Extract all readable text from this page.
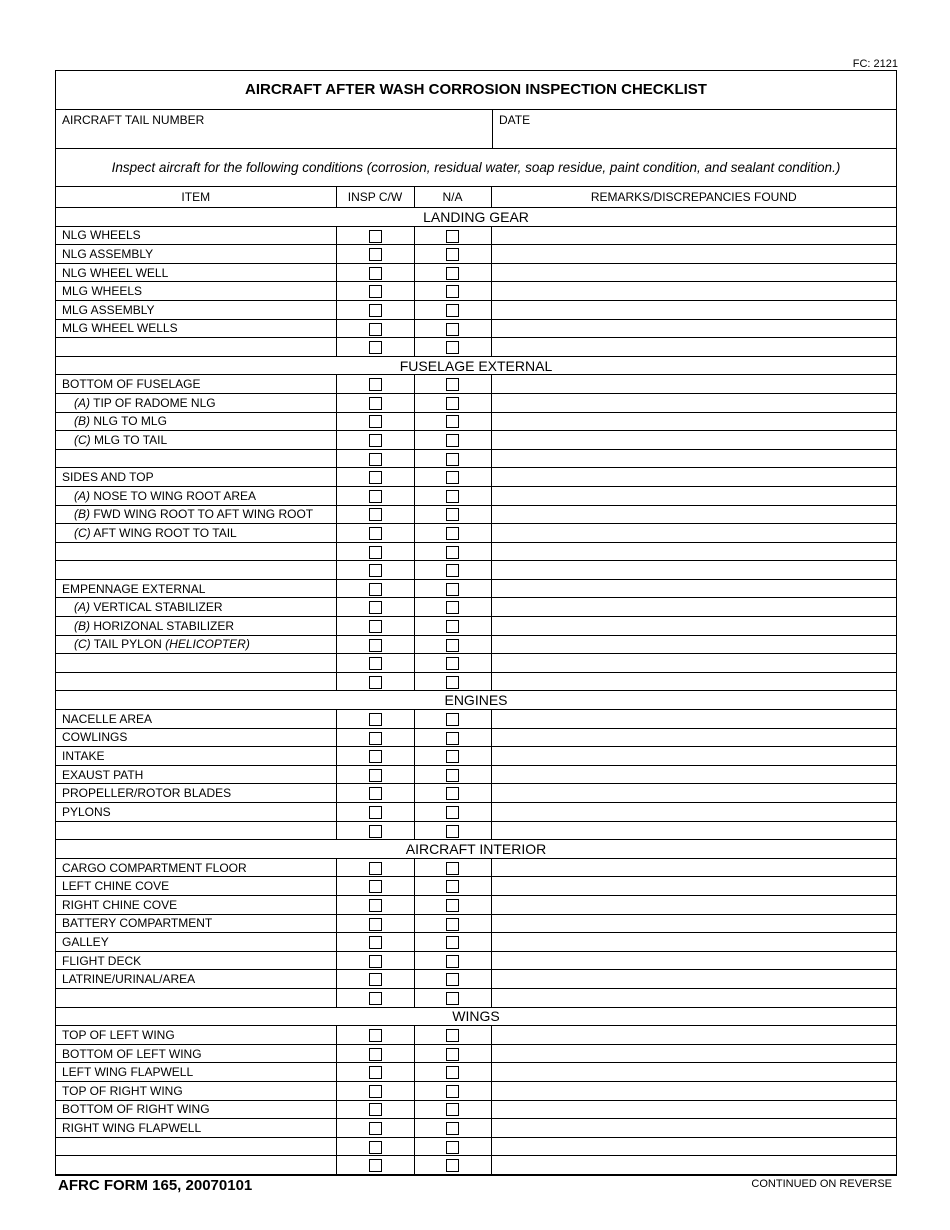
FC: 2121
AIRCRAFT AFTER WASH CORROSION INSPECTION CHECKLIST
AIRCRAFT TAIL NUMBER	DATE
Inspect aircraft for the following conditions (corrosion, residual water, soap residue, paint condition, and sealant condition.)
ITEM	INSP C/W	N/A	REMARKS/DISCREPANCIES FOUND
LANDING GEAR			
NLG WHEELS			
NLG ASSEMBLY			
NLG WHEEL WELL			
MLG WHEELS			
MLG ASSEMBLY			
MLG WHEEL WELLS			

FUSELAGE EXTERNAL			
BOTTOM OF FUSELAGE			
(A) TIP OF RADOME NLG			
(B) NLG TO MLG			
(C) MLG TO TAIL			

SIDES AND TOP			
(A) NOSE TO WING ROOT AREA			
(B) FWD WING ROOT TO AFT WING ROOT			
(C) AFT WING ROOT TO TAIL			

EMPENNAGE EXTERNAL			
(A) VERTICAL STABILIZER			
(B) HORIZONAL STABILIZER			
(C) TAIL PYLON (HELICOPTER)			

ENGINES			
NACELLE AREA			
COWLINGS			
INTAKE			
EXAUST PATH			
PROPELLER/ROTOR BLADES			
PYLONS			

AIRCRAFT INTERIOR			
CARGO COMPARTMENT FLOOR			
LEFT CHINE COVE			
RIGHT CHINE COVE			
BATTERY COMPARTMENT			
GALLEY			
FLIGHT DECK			
LATRINE/URINAL/AREA			

WINGS			
TOP OF LEFT WING			
BOTTOM OF LEFT WING			
LEFT WING FLAPWELL			
TOP OF RIGHT WING			
BOTTOM OF RIGHT WING			
RIGHT WING FLAPWELL			

AFRC FORM 165, 20070101	CONTINUED ON REVERSE
